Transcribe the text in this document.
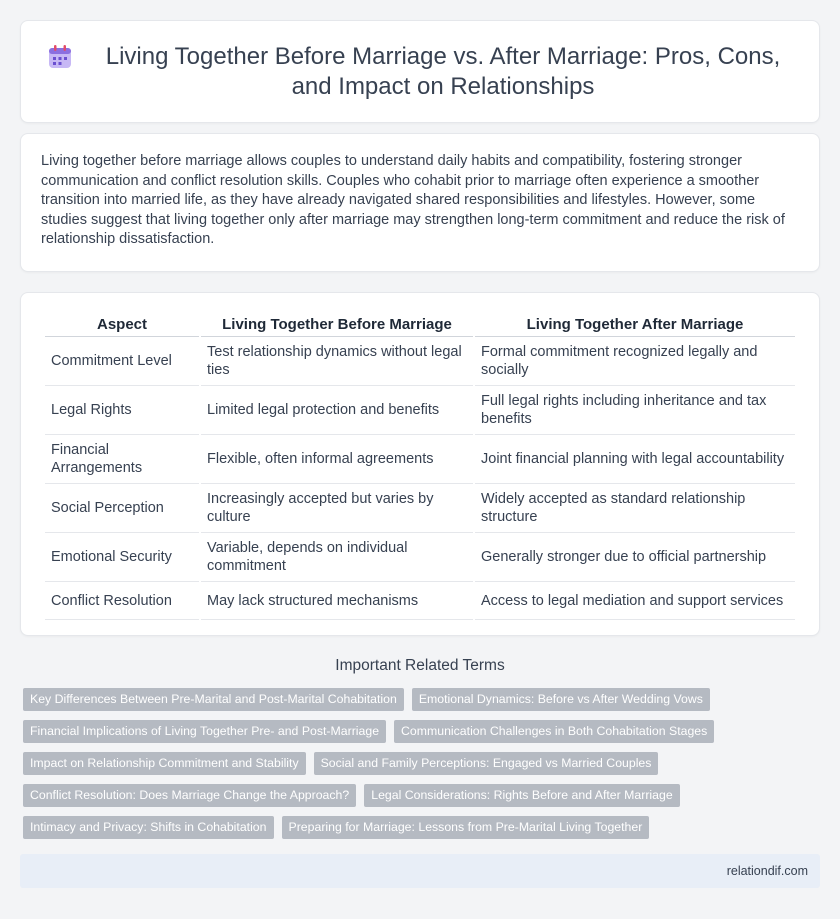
Living Together Before Marriage vs. After Marriage: Pros, Cons, and Impact on Relationships

Living together before marriage allows couples to understand daily habits and compatibility, fostering stronger communication and conflict resolution skills. Couples who cohabit prior to marriage often experience a smoother transition into married life, as they have already navigated shared responsibilities and lifestyles. However, some studies suggest that living together only after marriage may strengthen long-term commitment and reduce the risk of relationship dissatisfaction.

Aspect	Living Together Before Marriage	Living Together After Marriage
Commitment Level	Test relationship dynamics without legal ties	Formal commitment recognized legally and socially
Legal Rights	Limited legal protection and benefits	Full legal rights including inheritance and tax benefits
Financial Arrangements	Flexible, often informal agreements	Joint financial planning with legal accountability
Social Perception	Increasingly accepted but varies by culture	Widely accepted as standard relationship structure
Emotional Security	Variable, depends on individual commitment	Generally stronger due to official partnership
Conflict Resolution	May lack structured mechanisms	Access to legal mediation and support services
Important Related Terms
Key Differences Between Pre-Marital and Post-Marital Cohabitation	Emotional Dynamics: Before vs After Wedding Vows
Financial Implications of Living Together Pre- and Post-Marriage	Communication Challenges in Both Cohabitation Stages
Impact on Relationship Commitment and Stability	Social and Family Perceptions: Engaged vs Married Couples
Conflict Resolution: Does Marriage Change the Approach?	Legal Considerations: Rights Before and After Marriage
Intimacy and Privacy: Shifts in Cohabitation	Preparing for Marriage: Lessons from Pre-Marital Living Together
relationdif.com
